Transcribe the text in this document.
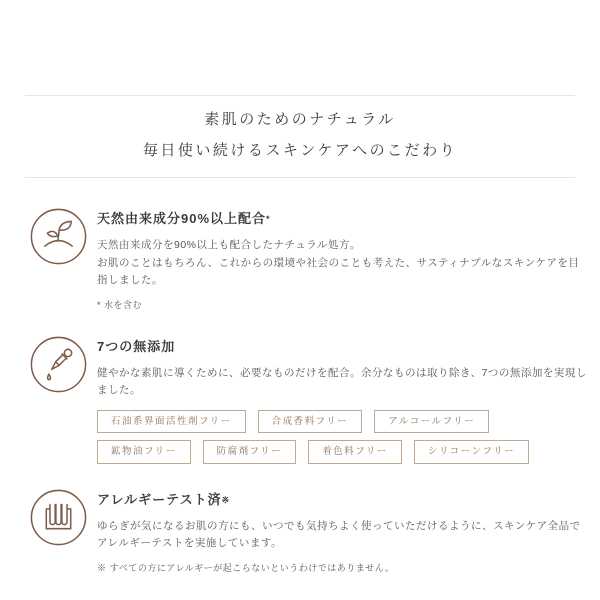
素肌のためのナチュラル
毎日使い続けるスキンケアへのこだわり
天然由来成分90%以上配合*

天然由来成分を90%以上も配合したナチュラル処方。

お肌のことはもちろん、これからの環境や社会のことも考えた、サスティナブルなスキンケアを目指しました。

* 水を含む

7つの無添加

健やかな素肌に導くために、必要なものだけを配合。余分なものは取り除き、7つの無添加を実現しました。

石油系界面活性剤フリー	合成香料フリー	アルコールフリー
鉱物油フリー	防腐剤フリー	着色料フリー	シリコーンフリー
アレルギーテスト済※

ゆらぎが気になるお肌の方にも、いつでも気持ちよく使っていただけるように、スキンケア全品でアレルギーテストを実施しています。

※ すべての方にアレルギーが起こらないというわけではありません。
